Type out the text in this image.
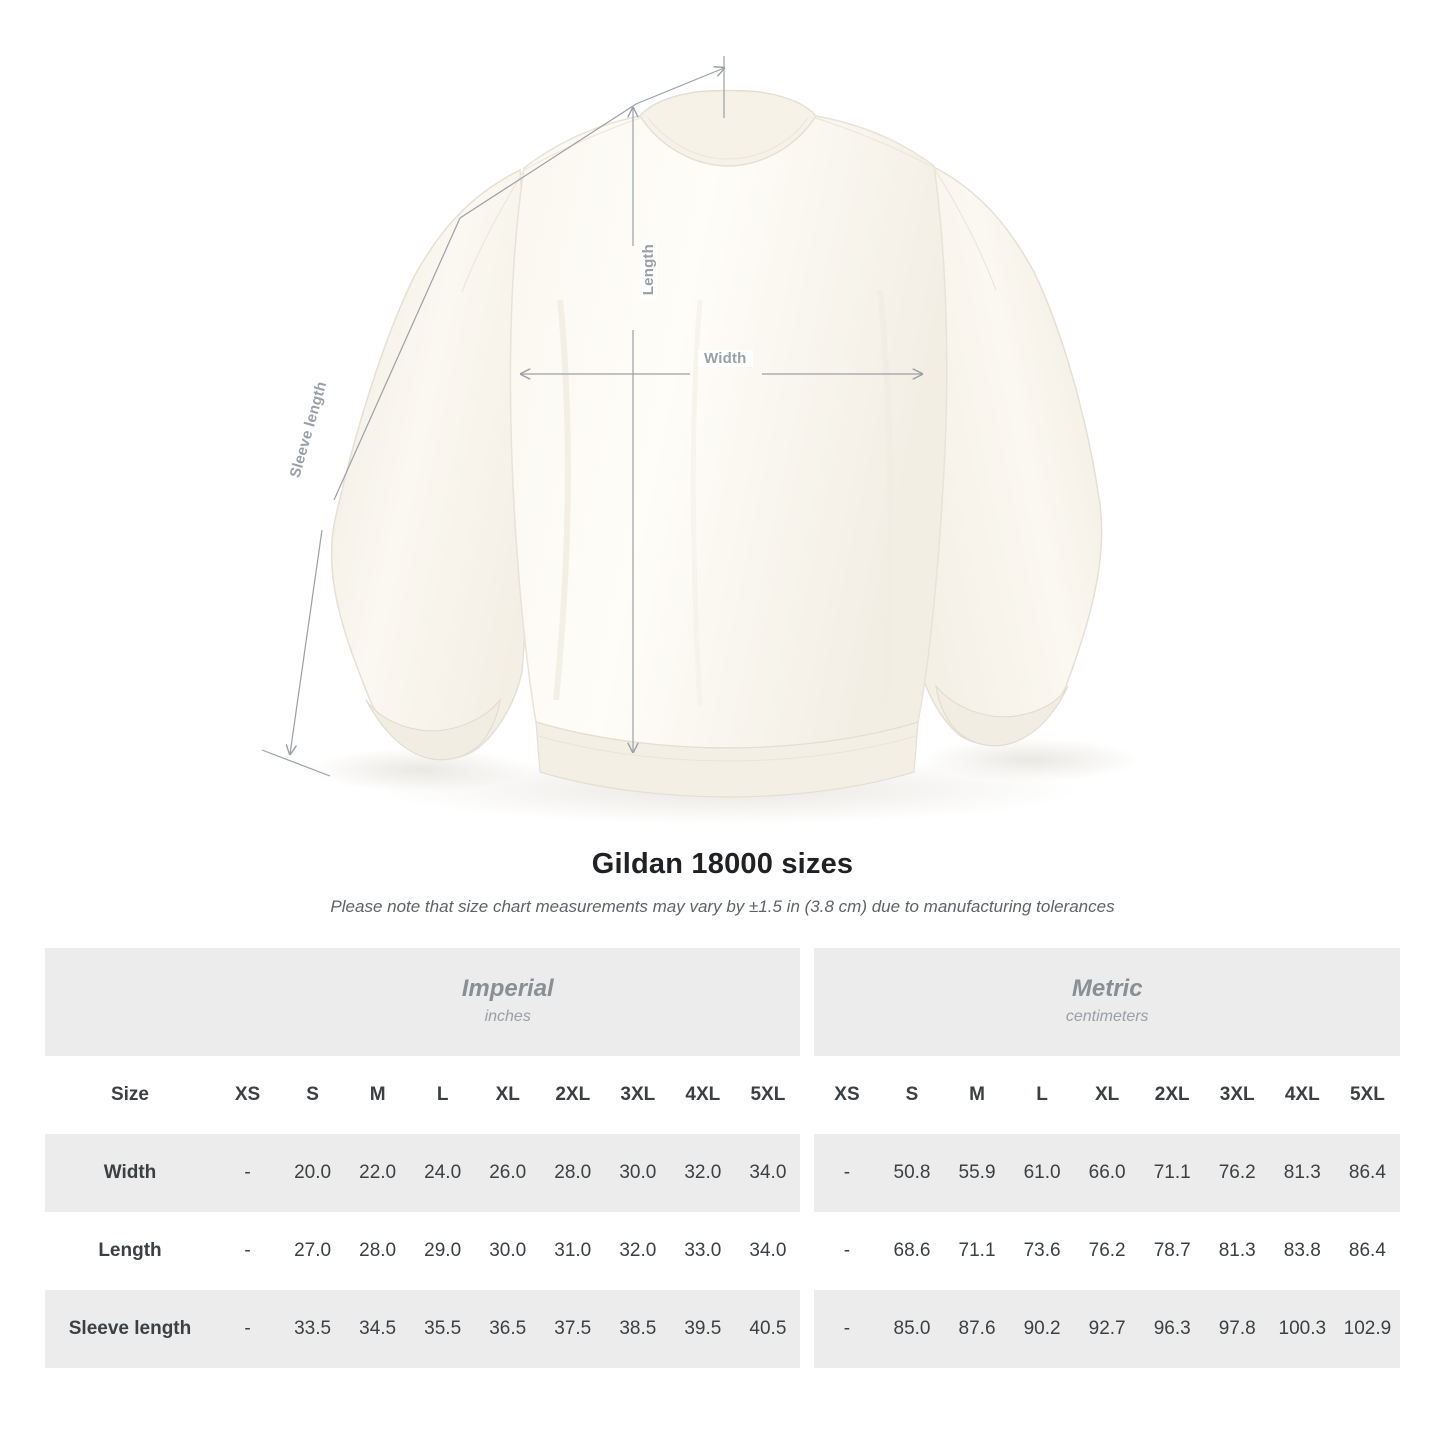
Length
Width
Sleeve length
Gildan 18000 sizes
Please note that size chart measurements may vary by ±1.5 in (3.8 cm) due to manufacturing tolerances

Imperial
inches

Metric
centimeters

Size	XS	S	M	L	XL	2XL	3XL	4XL	5XL		XS	S	M	L	XL	2XL	3XL	4XL	5XL
Width	-	20.0	22.0	24.0	26.0	28.0	30.0	32.0	34.0		-	50.8	55.9	61.0	66.0	71.1	76.2	81.3	86.4
Length	-	27.0	28.0	29.0	30.0	31.0	32.0	33.0	34.0		-	68.6	71.1	73.6	76.2	78.7	81.3	83.8	86.4
Sleeve length	-	33.5	34.5	35.5	36.5	37.5	38.5	39.5	40.5		-	85.0	87.6	90.2	92.7	96.3	97.8	100.3	102.9
